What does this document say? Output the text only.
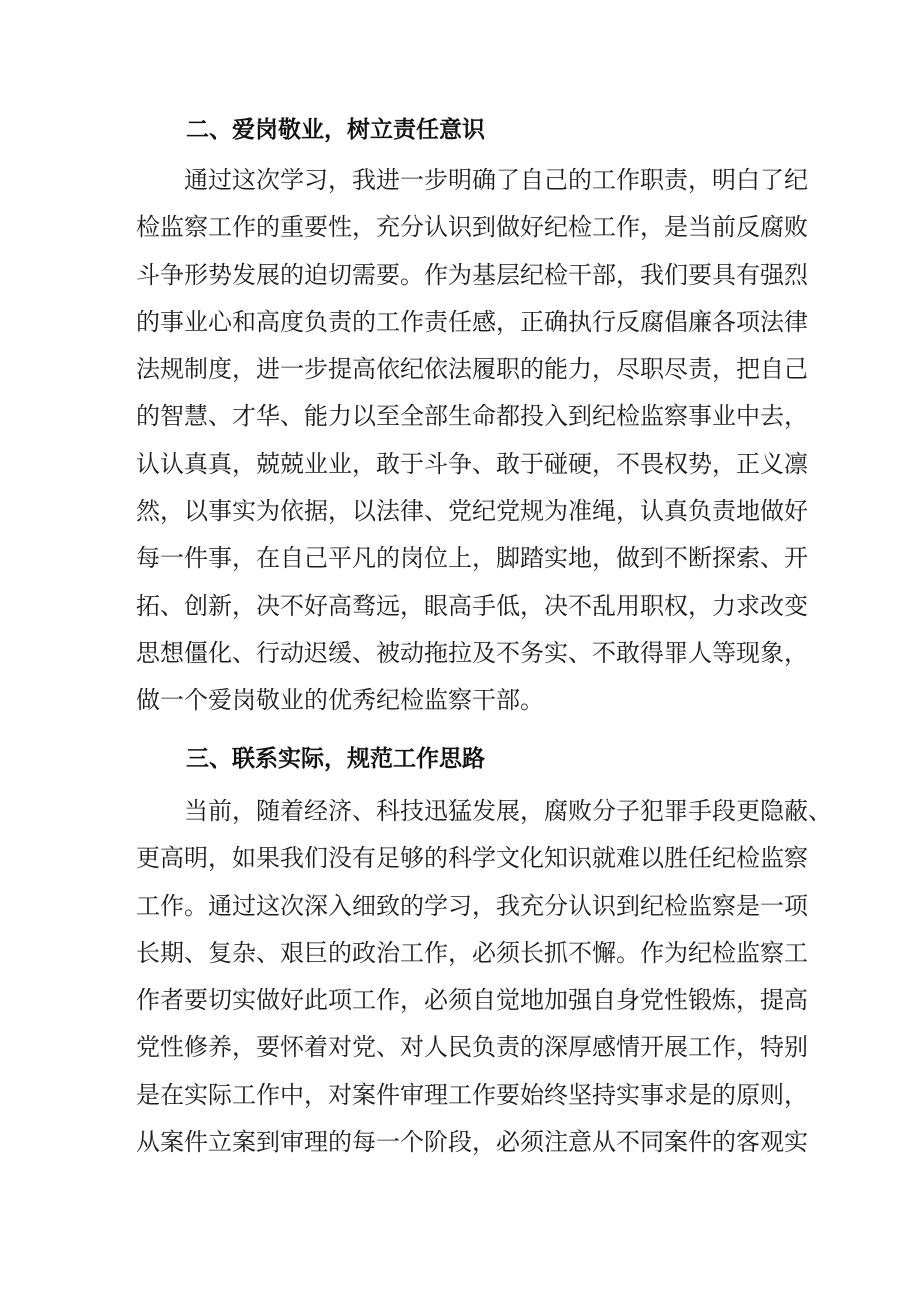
二、爱岗敬业，树立责任意识
通过这次学习，我进一步明确了自己的工作职责，明白了纪
检监察工作的重要性，充分认识到做好纪检工作，是当前反腐败
斗争形势发展的迫切需要。作为基层纪检干部，我们要具有强烈
的事业心和高度负责的工作责任感，正确执行反腐倡廉各项法律
法规制度，进一步提高依纪依法履职的能力，尽职尽责，把自己
的智慧、才华、能力以至全部生命都投入到纪检监察事业中去，
认认真真，兢兢业业，敢于斗争、敢于碰硬，不畏权势，正义凛
然，以事实为依据，以法律、党纪党规为准绳，认真负责地做好
每一件事，在自己平凡的岗位上，脚踏实地，做到不断探索、开
拓、创新，决不好高骛远，眼高手低，决不乱用职权，力求改变
思想僵化、行动迟缓、被动拖拉及不务实、不敢得罪人等现象，
做一个爱岗敬业的优秀纪检监察干部。
三、联系实际，规范工作思路
当前，随着经济、科技迅猛发展，腐败分子犯罪手段更隐蔽、
更高明，如果我们没有足够的科学文化知识就难以胜任纪检监察
工作。通过这次深入细致的学习，我充分认识到纪检监察是一项
长期、复杂、艰巨的政治工作，必须长抓不懈。作为纪检监察工
作者要切实做好此项工作，必须自觉地加强自身党性锻炼，提高
党性修养，要怀着对党、对人民负责的深厚感情开展工作，特别
是在实际工作中，对案件审理工作要始终坚持实事求是的原则，
从案件立案到审理的每一个阶段，必须注意从不同案件的客观实
